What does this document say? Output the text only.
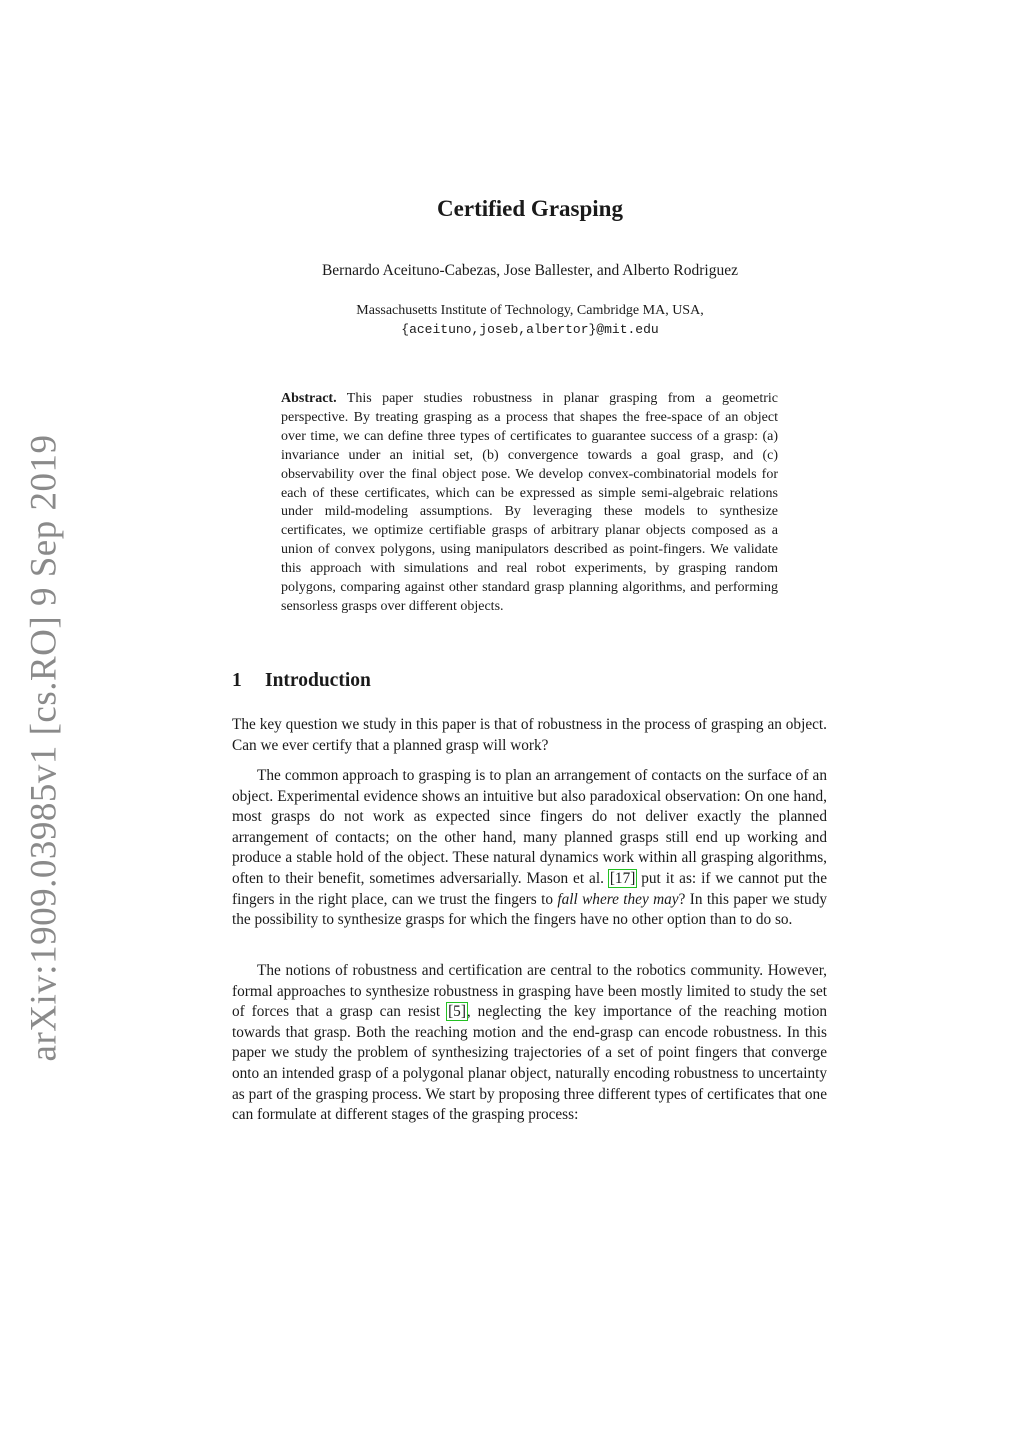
arXiv:1909.03985v1 [cs.RO] 9 Sep 2019
Certified Grasping
Bernardo Aceituno-Cabezas, Jose Ballester, and Alberto Rodriguez
Massachusetts Institute of Technology, Cambridge MA, USA,
{aceituno,joseb,albertor}@mit.edu
Abstract. This paper studies robustness in planar grasping from a geometric perspective. By treating grasping as a process that shapes the free-space of an object over time, we can define three types of certificates to guarantee success of a grasp: (a) invariance under an initial set, (b) convergence towards a goal grasp, and (c) observability over the final object pose. We develop convex-combinatorial models for each of these certificates, which can be expressed as simple semi-algebraic relations under mild-modeling assumptions. By leveraging these models to synthesize certificates, we optimize certifiable grasps of arbitrary planar objects composed as a union of convex polygons, using manipulators described as point-fingers. We validate this approach with simulations and real robot experiments, by grasping random polygons, comparing against other standard grasp planning algorithms, and performing sensorless grasps over different objects.
1 Introduction

The key question we study in this paper is that of robustness in the process of grasping an object. Can we ever certify that a planned grasp will work?

The common approach to grasping is to plan an arrangement of contacts on the surface of an object. Experimental evidence shows an intuitive but also paradoxical observation: On one hand, most grasps do not work as expected since fingers do not deliver exactly the planned arrangement of contacts; on the other hand, many planned grasps still end up working and produce a stable hold of the object. These natural dynamics work within all grasping algorithms, often to their benefit, sometimes adversarially. Mason et al. [17] put it as: if we cannot put the fingers in the right place, can we trust the fingers to fall where they may? In this paper we study the possibility to synthesize grasps for which the fingers have no other option than to do so.

The notions of robustness and certification are central to the robotics community. However, formal approaches to synthesize robustness in grasping have been mostly limited to study the set of forces that a grasp can resist [5], neglecting the key importance of the reaching motion towards that grasp. Both the reaching motion and the end-grasp can encode robustness. In this paper we study the problem of synthesizing trajectories of a set of point fingers that converge onto an intended grasp of a polygonal planar object, naturally encoding robustness to uncertainty as part of the grasping process. We start by proposing three different types of certificates that one can formulate at different stages of the grasping process:
